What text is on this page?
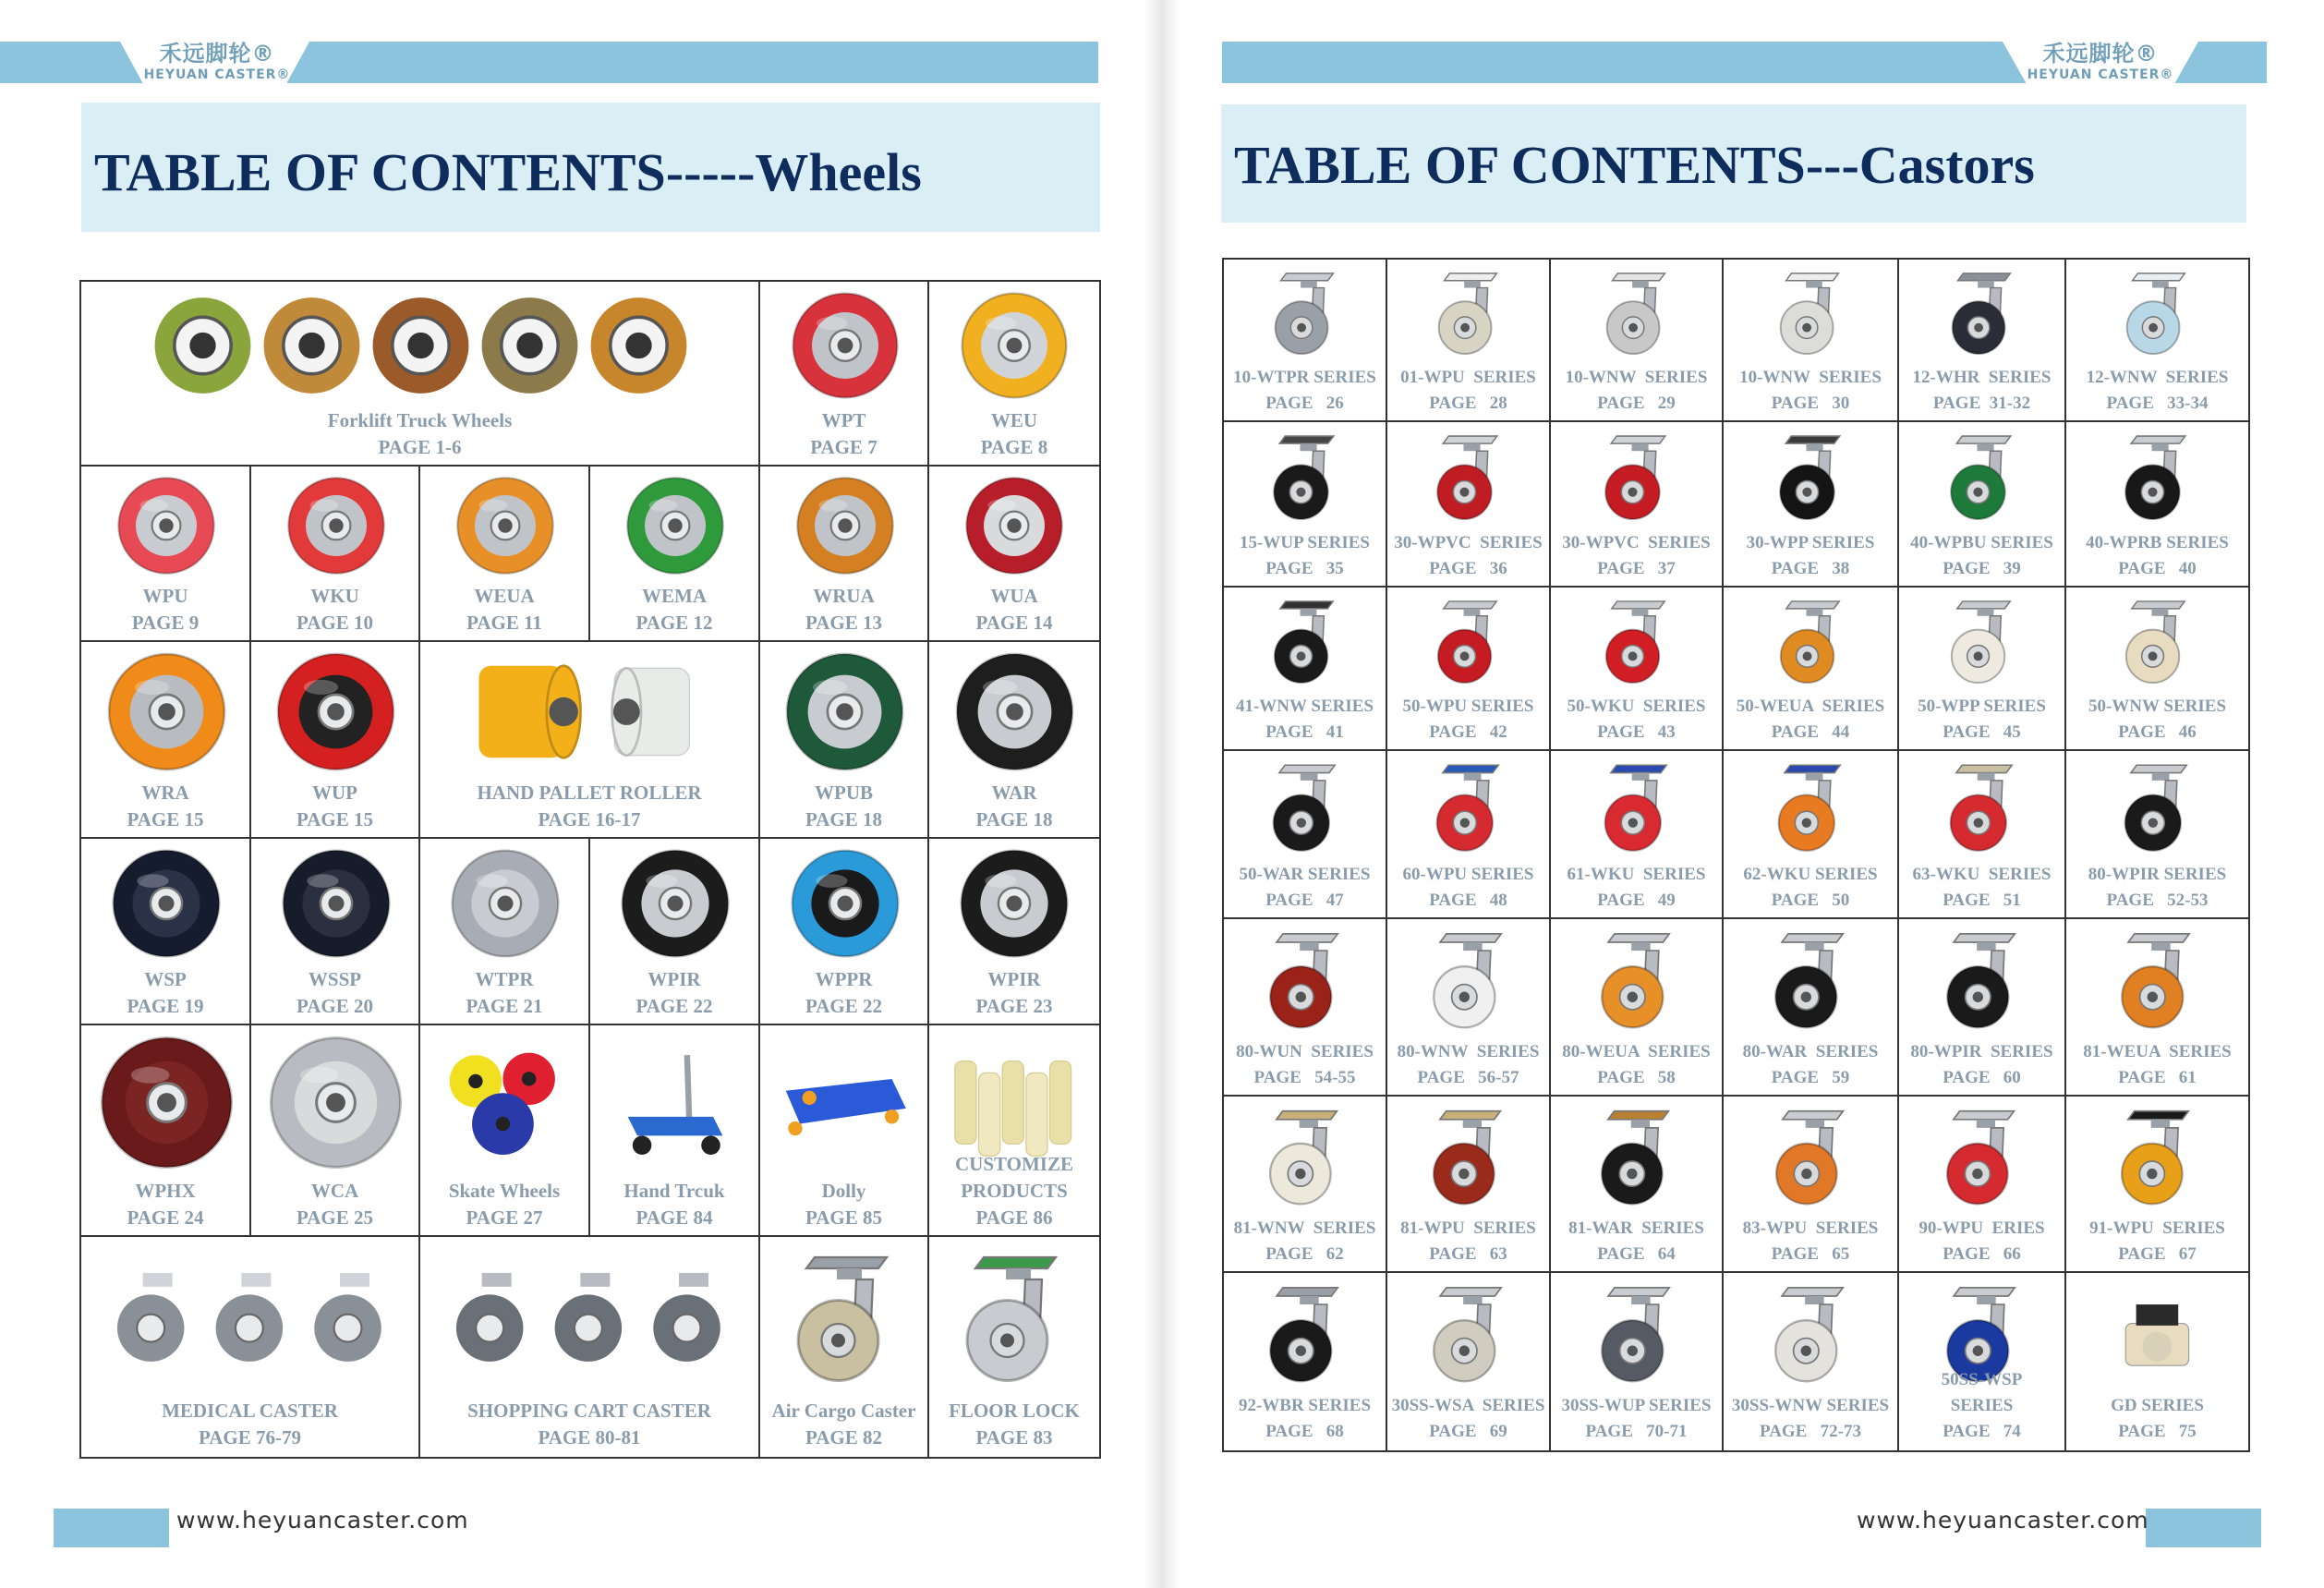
禾远脚轮®
HEYUAN CASTER®
TABLE OF CONTENTS-----Wheels
Forklift Truck Wheels
PAGE 1-6
WPT
PAGE 7
WEU
PAGE 8
WPU
PAGE 9
WKU
PAGE 10
WEUA
PAGE 11
WEMA
PAGE 12
WRUA
PAGE 13
WUA
PAGE 14
WRA
PAGE 15
WUP
PAGE 15
HAND PALLET ROLLER
PAGE 16-17
WPUB
PAGE 18
WAR
PAGE 18
WSP
PAGE 19
WSSP
PAGE 20
WTPR
PAGE 21
WPIR
PAGE 22
WPPR
PAGE 22
WPIR
PAGE 23
WPHX
PAGE 24
WCA
PAGE 25
Skate Wheels
PAGE 27
Hand Trcuk
PAGE 84
Dolly
PAGE 85
CUSTOMIZE
PRODUCTS
PAGE 86
MEDICAL CASTER
PAGE 76-79
SHOPPING CART CASTER
PAGE 80-81
Air Cargo Caster
PAGE 82
FLOOR LOCK
PAGE 83
www.heyuancaster.com
禾远脚轮®
HEYUAN CASTER®
TABLE OF CONTENTS---Castors
10-WTPR SERIES
PAGE   26
01-WPU  SERIES
PAGE   28
10-WNW  SERIES
PAGE   29
10-WNW  SERIES
PAGE   30
12-WHR  SERIES
PAGE  31-32
12-WNW  SERIES
PAGE   33-34
15-WUP SERIES
PAGE   35
30-WPVC  SERIES
PAGE   36
30-WPVC  SERIES
PAGE   37
30-WPP SERIES
PAGE   38
40-WPBU SERIES
PAGE   39
40-WPRB SERIES
PAGE   40
41-WNW SERIES
PAGE   41
50-WPU SERIES
PAGE   42
50-WKU  SERIES
PAGE   43
50-WEUA  SERIES
PAGE   44
50-WPP SERIES
PAGE   45
50-WNW SERIES
PAGE   46
50-WAR SERIES
PAGE   47
60-WPU SERIES
PAGE   48
61-WKU  SERIES
PAGE   49
62-WKU SERIES
PAGE   50
63-WKU  SERIES
PAGE   51
80-WPIR SERIES
PAGE   52-53
80-WUN  SERIES
PAGE   54-55
80-WNW  SERIES
PAGE   56-57
80-WEUA  SERIES
PAGE   58
80-WAR  SERIES
PAGE   59
80-WPIR  SERIES
PAGE   60
81-WEUA  SERIES
PAGE   61
81-WNW  SERIES
PAGE   62
81-WPU  SERIES
PAGE   63
81-WAR  SERIES
PAGE   64
83-WPU  SERIES
PAGE   65
90-WPU  ERIES
PAGE   66
91-WPU  SERIES
PAGE   67
92-WBR SERIES
PAGE   68
30SS-WSA  SERIES
PAGE   69
30SS-WUP SERIES
PAGE   70-71
30SS-WNW SERIES
PAGE   72-73
50SS-WSP
SERIES
PAGE   74
GD SERIES
PAGE   75
www.heyuancaster.com
